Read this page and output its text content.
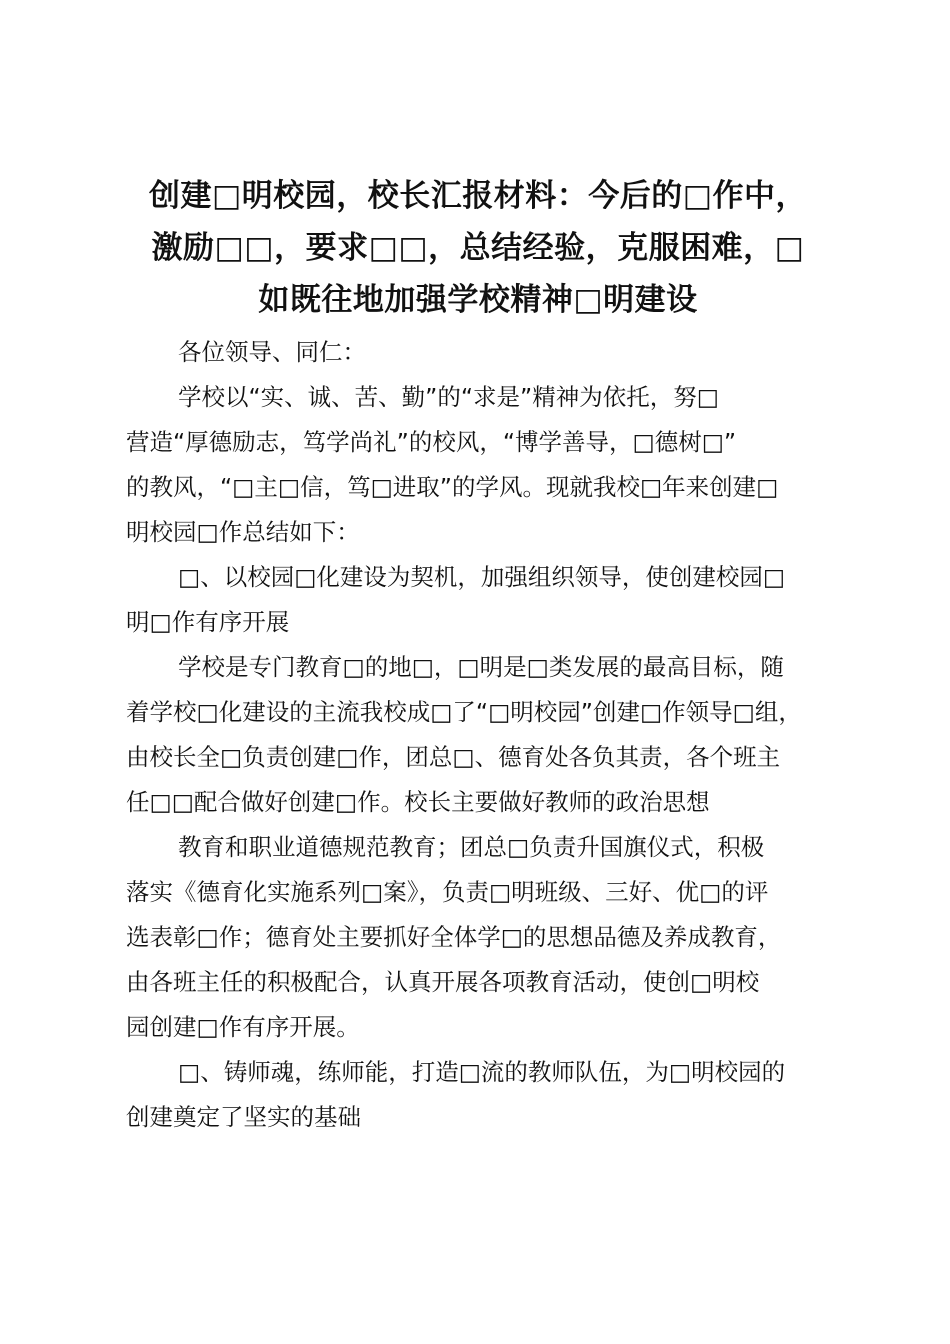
创建□明校园，校长汇报材料：今后的□作中，
激励□□，要求□□，总结经验，克服困难，□
如既往地加强学校精神□明建设
各位领导、同仁：
学校以“实、诚、苦、勤”的“求是”精神为依托，努□
营造“厚德励志，笃学尚礼”的校风，“博学善导，□德树□”
的教风，“□主□信，笃□进取”的学风。现就我校□年来创建□
明校园□作总结如下：
□、以校园□化建设为契机，加强组织领导，使创建校园□
明□作有序开展
学校是专门教育□的地□，□明是□类发展的最高目标，随
着学校□化建设的主流我校成□了“□明校园”创建□作领导□组，
由校长全□负责创建□作，团总□、德育处各负其责，各个班主
任□□配合做好创建□作。校长主要做好教师的政治思想
教育和职业道德规范教育；团总□负责升国旗仪式，积极
落实《德育化实施系列□案》，负责□明班级、三好、优□的评
选表彰□作；德育处主要抓好全体学□的思想品德及养成教育，
由各班主任的积极配合，认真开展各项教育活动，使创□明校
园创建□作有序开展。
□、铸师魂，练师能，打造□流的教师队伍，为□明校园的
创建奠定了坚实的基础
